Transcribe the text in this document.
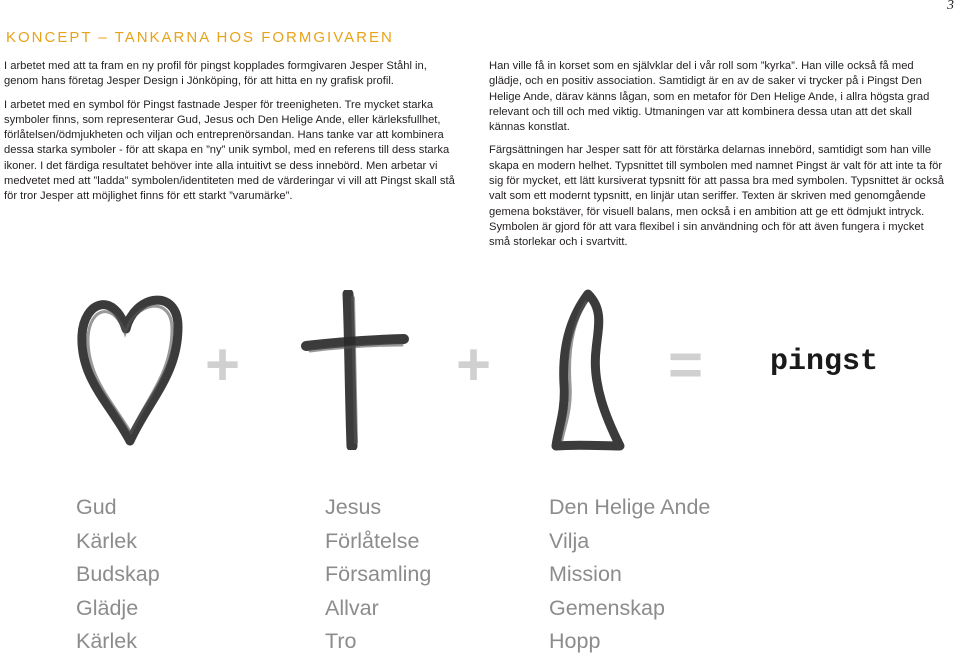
3
KONCEPT – TANKARNA HOS FORMGIVAREN

I arbetet med att ta fram en ny profil för pingst kopplades formgivaren Jesper Ståhl in, genom hans företag Jesper Design i Jönköping, för att hitta en ny grafisk profil.

I arbetet med en symbol för Pingst fastnade Jesper för treenigheten. Tre mycket starka symboler finns, som representerar Gud, Jesus och Den Helige Ande, eller kärleksfullhet, förlåtelsen/ödmjukheten och viljan och entreprenörsandan. Hans tanke var att kombinera dessa starka symboler - för att skapa en ”ny” unik symbol, med en referens till dess starka ikoner. I det färdiga resultatet behöver inte alla intuitivt se dess innebörd. Men arbetar vi medvetet med att ”ladda” symbolen/identiteten med de värderingar vi vill att Pingst skall stå för tror Jesper att möjlighet finns för ett starkt ”varumärke”.

Han ville få in korset som en självklar del i vår roll som ”kyrka”. Han ville också få med glädje, och en positiv association. Samtidigt är en av de saker vi trycker på i Pingst Den Helige Ande, därav känns lågan, som en metafor för Den Helige Ande, i allra högsta grad relevant och till och med viktig. Utmaningen var att kombinera dessa utan att det skall kännas konstlat.

Färgsättningen har Jesper satt för att förstärka delarnas innebörd, samtidigt som han ville skapa en modern helhet. Typsnittet till symbolen med namnet Pingst är valt för att inte ta för sig för mycket, ett lätt kursiverat typsnitt för att passa bra med symbolen. Typsnittet är också valt som ett modernt typsnitt, en linjär utan seriffer. Texten är skriven med genomgående gemena bokstäver, för visuell balans, men också i en ambition att ge ett ödmjukt intryck. Symbolen är gjord för att vara flexibel i sin användning och för att även fungera i mycket små storlekar och i svartvitt.

+	+	= pingst
Gud
Kärlek
Budskap
Glädje
Kärlek
Jesus
Förlåtelse
Församling
Allvar
Tro
Den Helige Ande
Vilja
Mission
Gemenskap
Hopp
